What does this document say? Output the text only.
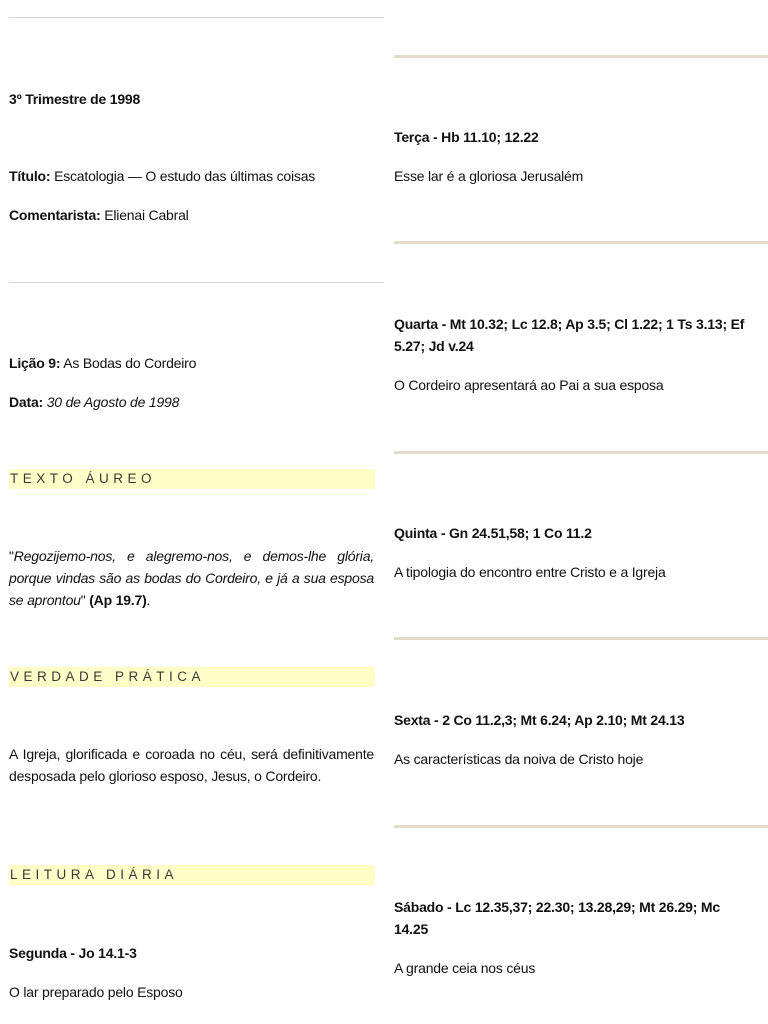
3º Trimestre de 1998

Título: Escatologia — O estudo das últimas coisas

Comentarista: Elienai Cabral

Lição 9: As Bodas do Cordeiro

Data: 30 de Agosto de 1998

TEXTO ÁUREO

"Regozijemo-nos, e alegremo-nos, e demos-lhe glória, porque vindas são as bodas do Cordeiro, e já a sua esposa se aprontou" (Ap 19.7).

VERDADE PRÁTICA

A Igreja, glorificada e coroada no céu, será definitivamente desposada pelo glorioso esposo, Jesus, o Cordeiro.

LEITURA DIÁRIA

Segunda - Jo 14.1-3

O lar preparado pelo Esposo

Terça - Hb 11.10; 12.22

Esse lar é a gloriosa Jerusalém

Quarta - Mt 10.32; Lc 12.8; Ap 3.5; Cl 1.22; 1 Ts 3.13; Ef 5.27; Jd v.24

O Cordeiro apresentará ao Pai a sua esposa

Quinta - Gn 24.51,58; 1 Co 11.2

A tipologia do encontro entre Cristo e a Igreja

Sexta - 2 Co 11.2,3; Mt 6.24; Ap 2.10; Mt 24.13

As características da noiva de Cristo hoje

Sábado - Lc 12.35,37; 22.30; 13.28,29; Mt 26.29; Mc 14.25

A grande ceia nos céus
